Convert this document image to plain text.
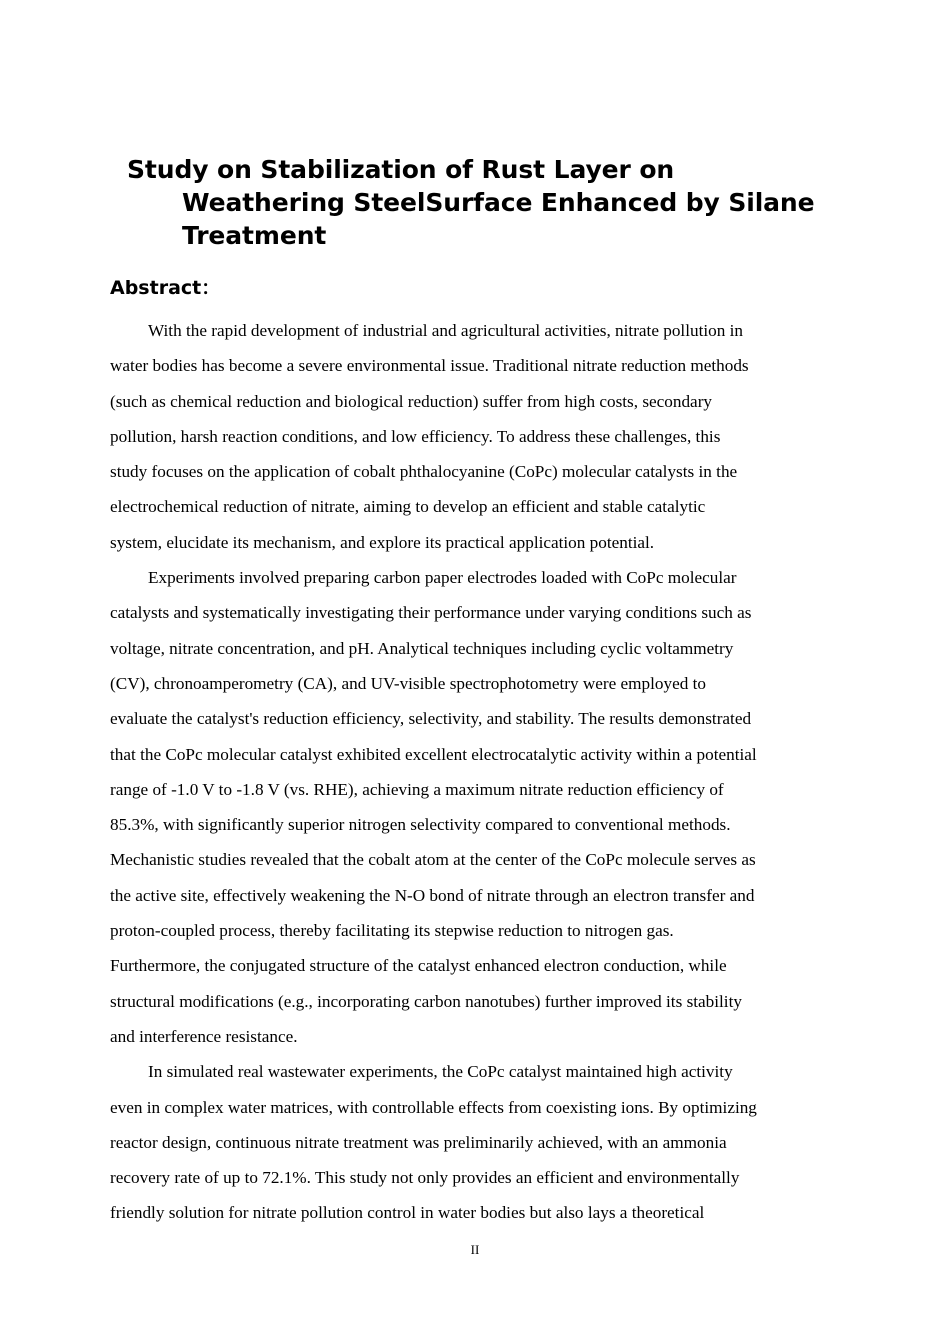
Study on Stabilization of Rust Layer on
Weathering SteelSurface Enhanced by Silane
Treatment
Abstract：

With the rapid development of industrial and agricultural activities, nitrate pollution in
water bodies has become a severe environmental issue. Traditional nitrate reduction methods
(such as chemical reduction and biological reduction) suffer from high costs, secondary
pollution, harsh reaction conditions, and low efficiency. To address these challenges, this
study focuses on the application of cobalt phthalocyanine (CoPc) molecular catalysts in the
electrochemical reduction of nitrate, aiming to develop an efficient and stable catalytic
system, elucidate its mechanism, and explore its practical application potential.

Experiments involved preparing carbon paper electrodes loaded with CoPc molecular
catalysts and systematically investigating their performance under varying conditions such as
voltage, nitrate concentration, and pH. Analytical techniques including cyclic voltammetry
(CV), chronoamperometry (CA), and UV-visible spectrophotometry were employed to
evaluate the catalyst's reduction efficiency, selectivity, and stability. The results demonstrated
that the CoPc molecular catalyst exhibited excellent electrocatalytic activity within a potential
range of -1.0 V to -1.8 V (vs. RHE), achieving a maximum nitrate reduction efficiency of
85.3%, with significantly superior nitrogen selectivity compared to conventional methods.
Mechanistic studies revealed that the cobalt atom at the center of the CoPc molecule serves as
the active site, effectively weakening the N-O bond of nitrate through an electron transfer and
proton-coupled process, thereby facilitating its stepwise reduction to nitrogen gas.
Furthermore, the conjugated structure of the catalyst enhanced electron conduction, while
structural modifications (e.g., incorporating carbon nanotubes) further improved its stability
and interference resistance.

In simulated real wastewater experiments, the CoPc catalyst maintained high activity
even in complex water matrices, with controllable effects from coexisting ions. By optimizing
reactor design, continuous nitrate treatment was preliminarily achieved, with an ammonia
recovery rate of up to 72.1%. This study not only provides an efficient and environmentally
friendly solution for nitrate pollution control in water bodies but also lays a theoretical

II
